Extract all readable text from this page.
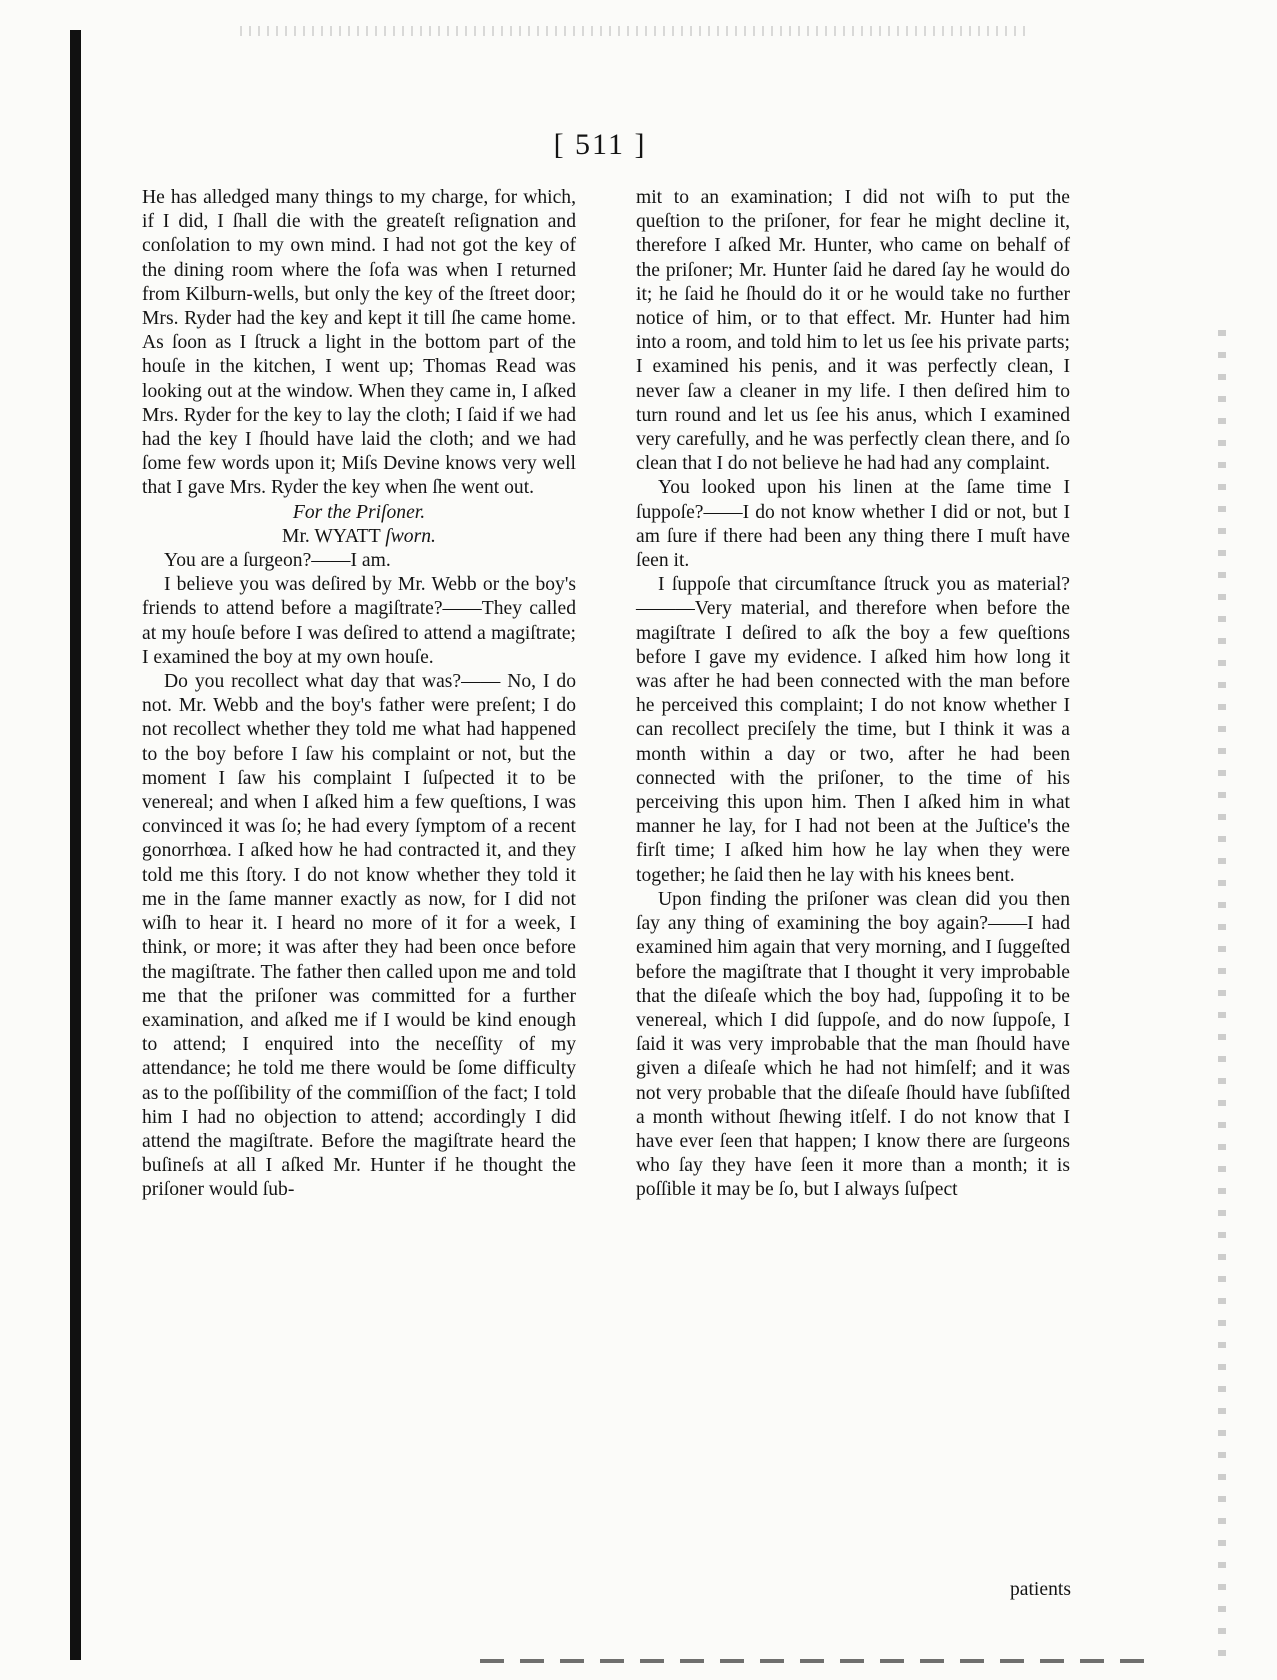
[ 511 ]

He has alledged many things to my charge, for which, if I did, I ſhall die with the greateſt reſignation and conſolation to my own mind. I had not got the key of the dining room where the ſofa was when I returned from Kilburn-wells, but only the key of the ſtreet door; Mrs. Ryder had the key and kept it till ſhe came home. As ſoon as I ſtruck a light in the bottom part of the houſe in the kitchen, I went up; Thomas Read was looking out at the window. When they came in, I aſked Mrs. Ryder for the key to lay the cloth; I ſaid if we had had the key I ſhould have laid the cloth; and we had ſome few words upon it; Miſs Devine knows very well that I gave Mrs. Ryder the key when ſhe went out.

For the Priſoner.

Mr. WYATT ſworn.

You are a ſurgeon?——I am.

I believe you was deſired by Mr. Webb or the boy's friends to attend before a magiſtrate?——They called at my houſe before I was deſired to attend a magiſtrate; I examined the boy at my own houſe.

Do you recollect what day that was?—— No, I do not. Mr. Webb and the boy's father were preſent; I do not recollect whether they told me what had happened to the boy before I ſaw his complaint or not, but the moment I ſaw his complaint I ſuſpected it to be venereal; and when I aſked him a few queſtions, I was convinced it was ſo; he had every ſymptom of a recent gonorrhœa. I aſked how he had contracted it, and they told me this ſtory. I do not know whether they told it me in the ſame manner exactly as now, for I did not wiſh to hear it. I heard no more of it for a week, I think, or more; it was after they had been once before the magiſtrate. The father then called upon me and told me that the priſoner was committed for a further examination, and aſked me if I would be kind enough to attend; I enquired into the neceſſity of my attendance; he told me there would be ſome difficulty as to the poſſibility of the commiſſion of the fact; I told him I had no objection to attend; accordingly I did attend the magiſtrate. Before the magiſtrate heard the buſineſs at all I aſked Mr. Hunter if he thought the priſoner would ſub-

mit to an examination; I did not wiſh to put the queſtion to the priſoner, for fear he might decline it, therefore I aſked Mr. Hunter, who came on behalf of the priſoner; Mr. Hunter ſaid he dared ſay he would do it; he ſaid he ſhould do it or he would take no further notice of him, or to that effect. Mr. Hunter had him into a room, and told him to let us ſee his private parts; I examined his penis, and it was perfectly clean, I never ſaw a cleaner in my life. I then deſired him to turn round and let us ſee his anus, which I examined very carefully, and he was perfectly clean there, and ſo clean that I do not believe he had had any complaint.

You looked upon his linen at the ſame time I ſuppoſe?——I do not know whether I did or not, but I am ſure if there had been any thing there I muſt have ſeen it.

I ſuppoſe that circumſtance ſtruck you as material?———Very material, and therefore when before the magiſtrate I deſired to aſk the boy a few queſtions before I gave my evidence. I aſked him how long it was after he had been connected with the man before he perceived this complaint; I do not know whether I can recollect preciſely the time, but I think it was a month within a day or two, after he had been connected with the priſoner, to the time of his perceiving this upon him. Then I aſked him in what manner he lay, for I had not been at the Juſtice's the firſt time; I aſked him how he lay when they were together; he ſaid then he lay with his knees bent.

Upon finding the priſoner was clean did you then ſay any thing of examining the boy again?——I had examined him again that very morning, and I ſuggeſted before the magiſtrate that I thought it very improbable that the diſeaſe which the boy had, ſuppoſing it to be venereal, which I did ſuppoſe, and do now ſuppoſe, I ſaid it was very improbable that the man ſhould have given a diſeaſe which he had not himſelf; and it was not very probable that the diſeaſe ſhould have ſubſiſted a month without ſhewing itſelf. I do not know that I have ever ſeen that happen; I know there are ſurgeons who ſay they have ſeen it more than a month; it is poſſible it may be ſo, but I always ſuſpect

patients
